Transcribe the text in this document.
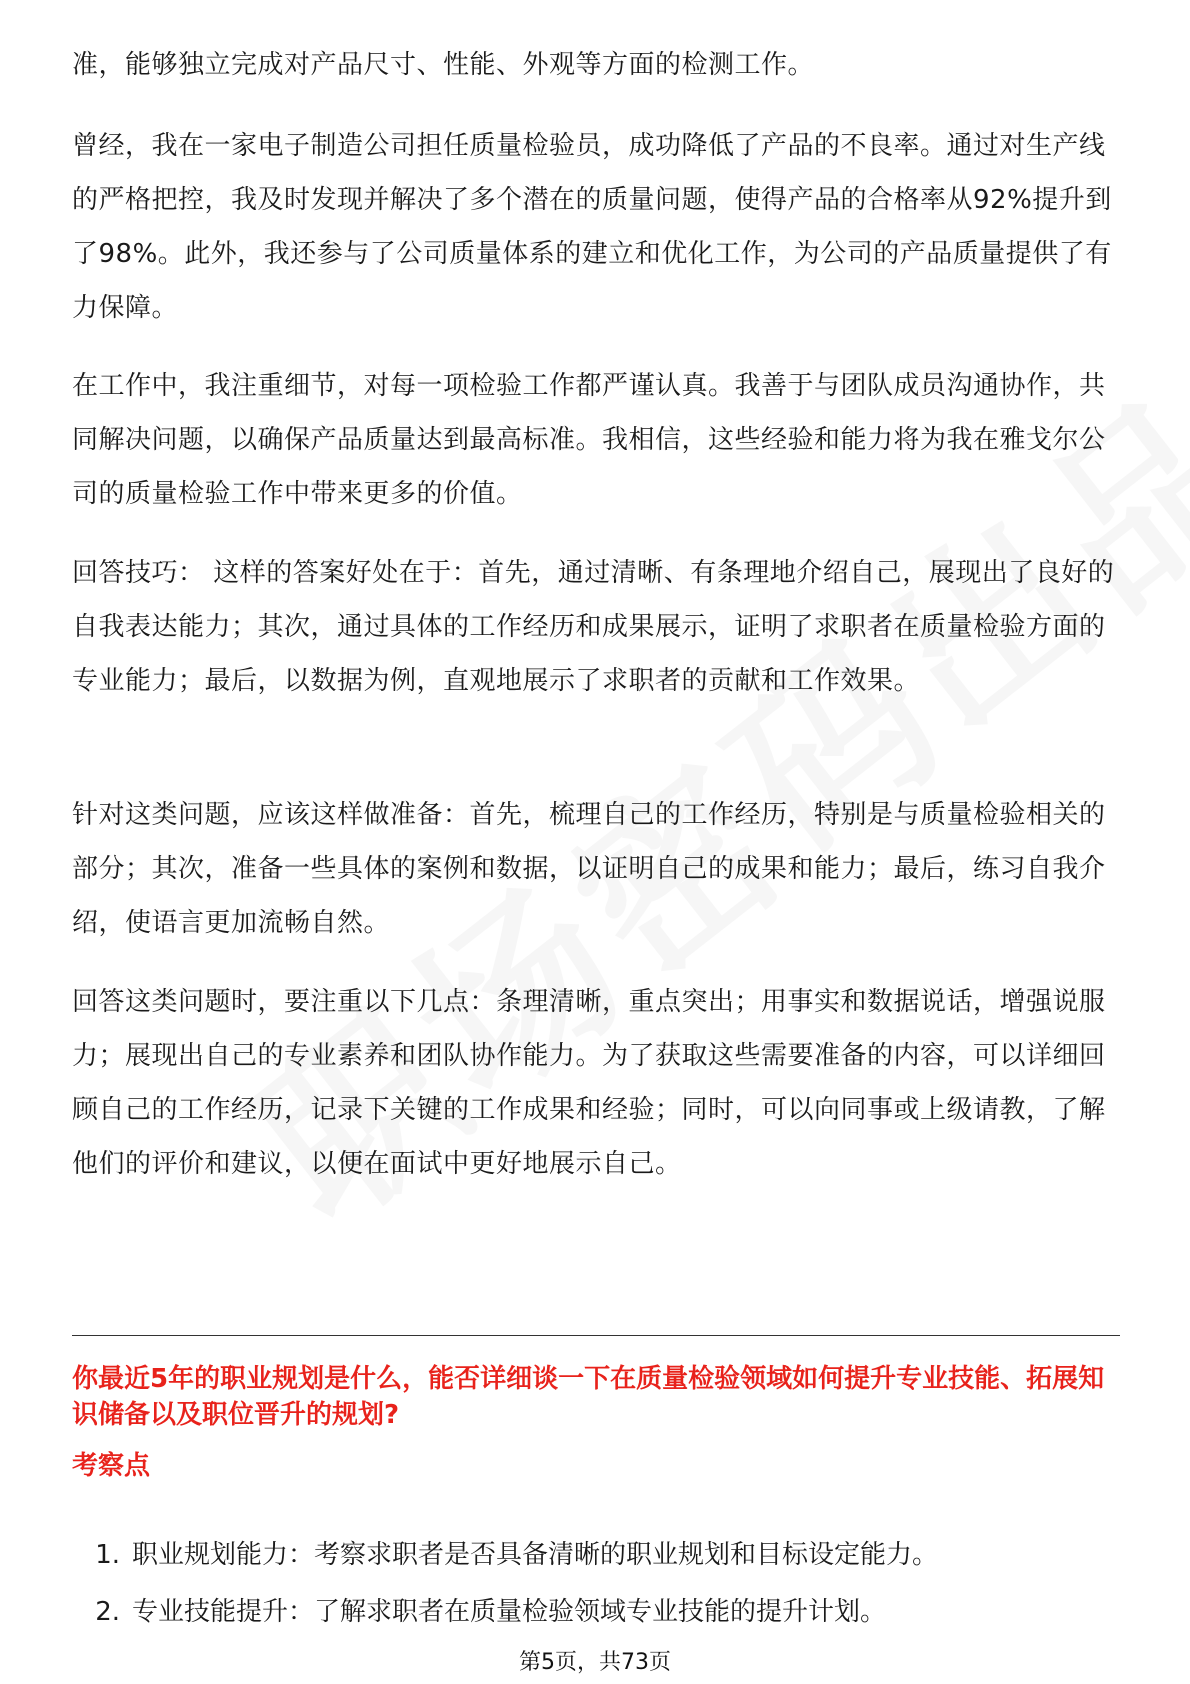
准，能够独立完成对产品尺寸、性能、外观等方面的检测工作。

曾经，我在一家电子制造公司担任质量检验员，成功降低了产品的不良率。通过对生产线的严格把控，我及时发现并解决了多个潜在的质量问题，使得产品的合格率从92%提升到了98%。此外，我还参与了公司质量体系的建立和优化工作，为公司的产品质量提供了有力保障。

在工作中，我注重细节，对每一项检验工作都严谨认真。我善于与团队成员沟通协作，共同解决问题，以确保产品质量达到最高标准。我相信，这些经验和能力将为我在雅戈尔公司的质量检验工作中带来更多的价值。

回答技巧： 这样的答案好处在于：首先，通过清晰、有条理地介绍自己，展现出了良好的自我表达能力；其次，通过具体的工作经历和成果展示，证明了求职者在质量检验方面的专业能力；最后，以数据为例，直观地展示了求职者的贡献和工作效果。

针对这类问题，应该这样做准备：首先，梳理自己的工作经历，特别是与质量检验相关的部分；其次，准备一些具体的案例和数据，以证明自己的成果和能力；最后，练习自我介绍，使语言更加流畅自然。

回答这类问题时，要注重以下几点：条理清晰，重点突出；用事实和数据说话，增强说服力；展现出自己的专业素养和团队协作能力。为了获取这些需要准备的内容，可以详细回顾自己的工作经历，记录下关键的工作成果和经验；同时，可以向同事或上级请教，了解他们的评价和建议，以便在面试中更好地展示自己。

你最近5年的职业规划是什么，能否详细谈一下在质量检验领域如何提升专业技能、拓展知识储备以及职位晋升的规划?

考察点

1. 职业规划能力：考察求职者是否具备清晰的职业规划和目标设定能力。
2. 专业技能提升：了解求职者在质量检验领域专业技能的提升计划。
第5页，共73页
